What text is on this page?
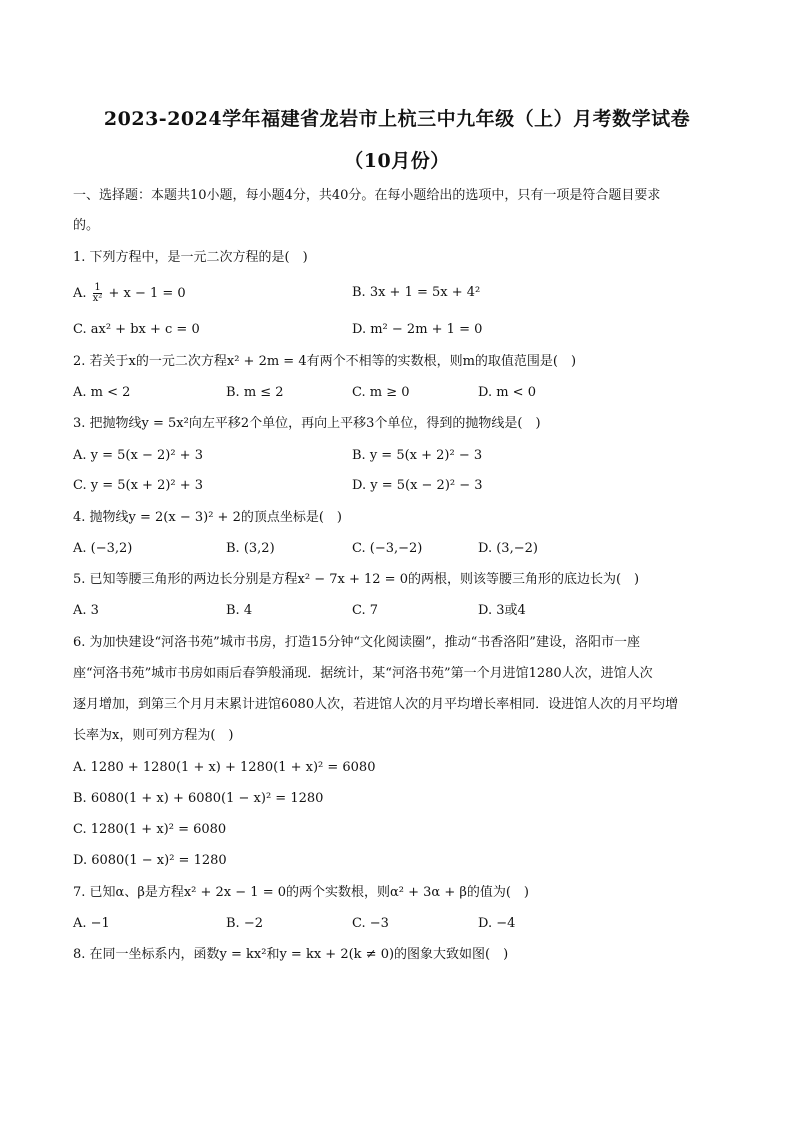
2023-2024学年福建省龙岩市上杭三中九年级（上）月考数学试卷
（10月份）
一、选择题：本题共10小题，每小题4分，共40分。在每小题给出的选项中，只有一项是符合题目要求
的。
1. 下列方程中，是一元二次方程的是(　)
A. $\frac{1}{\text{x²}} + x - 1 = 0$	B. 3x + 1 = 5x + 4²
C. ax² + bx + c = 0	D. m² − 2m + 1 = 0
2. 若关于x的一元二次方程x² + 2m = 4有两个不相等的实数根，则m的取值范围是(　)
A. m < 2	B. m ≤ 2	C. m ≥ 0	D. m < 0
3. 把抛物线y = 5x²向左平移2个单位，再向上平移3个单位，得到的抛物线是(　)
A. y = 5(x − 2)² + 3	B. y = 5(x + 2)² − 3
C. y = 5(x + 2)² + 3	D. y = 5(x − 2)² − 3
4. 抛物线y = 2(x − 3)² + 2的顶点坐标是(　)
A. (−3,2)	B. (3,2)	C. (−3,−2)	D. (3,−2)
5. 已知等腰三角形的两边长分别是方程x² − 7x + 12 = 0的两根，则该等腰三角形的底边长为(　)
A. 3	B. 4	C. 7	D. 3或4
6. 为加快建设“河洛书苑”城市书房，打造15分钟“文化阅读圈”，推动“书香洛阳”建设，洛阳市一座
座“河洛书苑”城市书房如雨后春笋般涌现．据统计，某“河洛书苑”第一个月进馆1280人次，进馆人次
逐月增加，到第三个月月末累计进馆6080人次，若进馆人次的月平均增长率相同．设进馆人次的月平均增
长率为x，则可列方程为(　)
A. 1280 + 1280(1 + x) + 1280(1 + x)² = 6080
B. 6080(1 + x) + 6080(1 − x)² = 1280
C. 1280(1 + x)² = 6080
D. 6080(1 − x)² = 1280
7. 已知α、β是方程x² + 2x − 1 = 0的两个实数根，则α² + 3α + β的值为(　)
A. −1	B. −2	C. −3	D. −4
8. 在同一坐标系内，函数y = kx²和y = kx + 2(k ≠ 0)的图象大致如图(　)
